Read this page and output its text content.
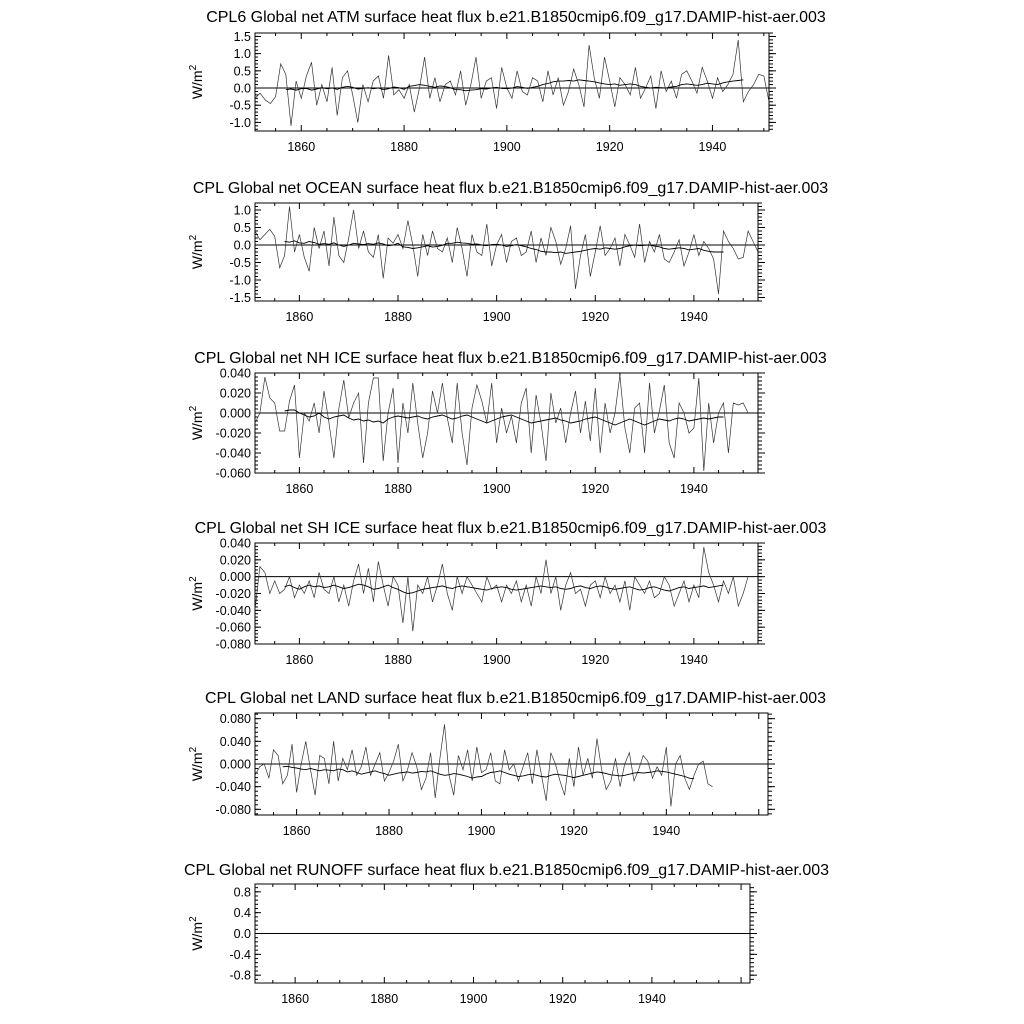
CPL6 Global net ATM surface heat flux b.e21.B1850cmip6.f09_g17.DAMIP-hist-aer.003
$W/m^2$
1860	1880	1900	1920	1940
-1.0
-0.5
0.0
0.5
1.0
1.5
CPL Global net OCEAN surface heat flux b.e21.B1850cmip6.f09_g17.DAMIP-hist-aer.003
$W/m^2$
1860	1880	1900	1920	1940
-1.5
-1.0
-0.5
0.0
0.5
1.0
CPL Global net NH ICE surface heat flux b.e21.B1850cmip6.f09_g17.DAMIP-hist-aer.003
$W/m^2$
1860	1880	1900	1920	1940
-0.060
-0.040
-0.020
0.000
0.020
0.040
CPL Global net SH ICE surface heat flux b.e21.B1850cmip6.f09_g17.DAMIP-hist-aer.003
$W/m^2$
1860	1880	1900	1920	1940
-0.080
-0.060
-0.040
-0.020
0.000
0.020
0.040
CPL Global net LAND surface heat flux b.e21.B1850cmip6.f09_g17.DAMIP-hist-aer.003
$W/m^2$
1860	1880	1900	1920	1940
-0.080
-0.040
0.000
0.040
0.080
CPL Global net RUNOFF surface heat flux b.e21.B1850cmip6.f09_g17.DAMIP-hist-aer.003
$W/m^2$
1860	1880	1900	1920	1940
-0.8
-0.4
0.0
0.4
0.8
